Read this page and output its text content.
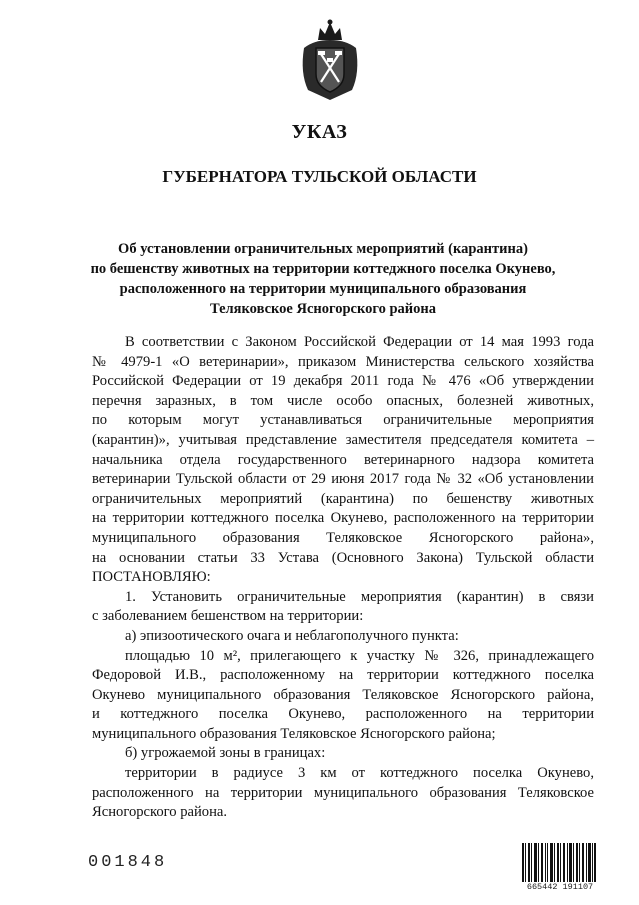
УКАЗ
ГУБЕРНАТОРА ТУЛЬСКОЙ ОБЛАСТИ
Об установлении ограничительных мероприятий (карантина)
по бешенству животных на территории коттеджного поселка Окунево,
расположенного на территории муниципального образования
Теляковское Ясногорского района
В соответствии с Законом Российской Федерации от 14 мая 1993 года
№ 4979-1 «О ветеринарии», приказом Министерства сельского хозяйства
Российской Федерации от 19 декабря 2011 года № 476 «Об утверждении
перечня заразных, в том числе особо опасных, болезней животных,
по которым могут устанавливаться ограничительные мероприятия
(карантин)», учитывая представление заместителя председателя комитета –
начальника отдела государственного ветеринарного надзора комитета
ветеринарии Тульской области от 29 июня 2017 года № 32 «Об установлении
ограничительных мероприятий (карантина) по бешенству животных
на территории коттеджного поселка Окунево, расположенного на территории
муниципального образования Теляковское Ясногорского района»,
на основании статьи 33 Устава (Основного Закона) Тульской области
ПОСТАНОВЛЯЮ:
1. Установить ограничительные мероприятия (карантин) в связи
с заболеванием бешенством на территории:
а) эпизоотического очага и неблагополучного пункта:
площадью 10 м², прилегающего к участку № 326, принадлежащего
Федоровой И.В., расположенному на территории коттеджного поселка
Окунево муниципального образования Теляковское Ясногорского района,
и коттеджного поселка Окунево, расположенного на территории
муниципального образования Теляковское Ясногорского района;
б) угрожаемой зоны в границах:
территории в радиусе 3 км от коттеджного поселка Окунево,
расположенного на территории муниципального образования Теляковское
Ясногорского района.
001848
665442 191107
